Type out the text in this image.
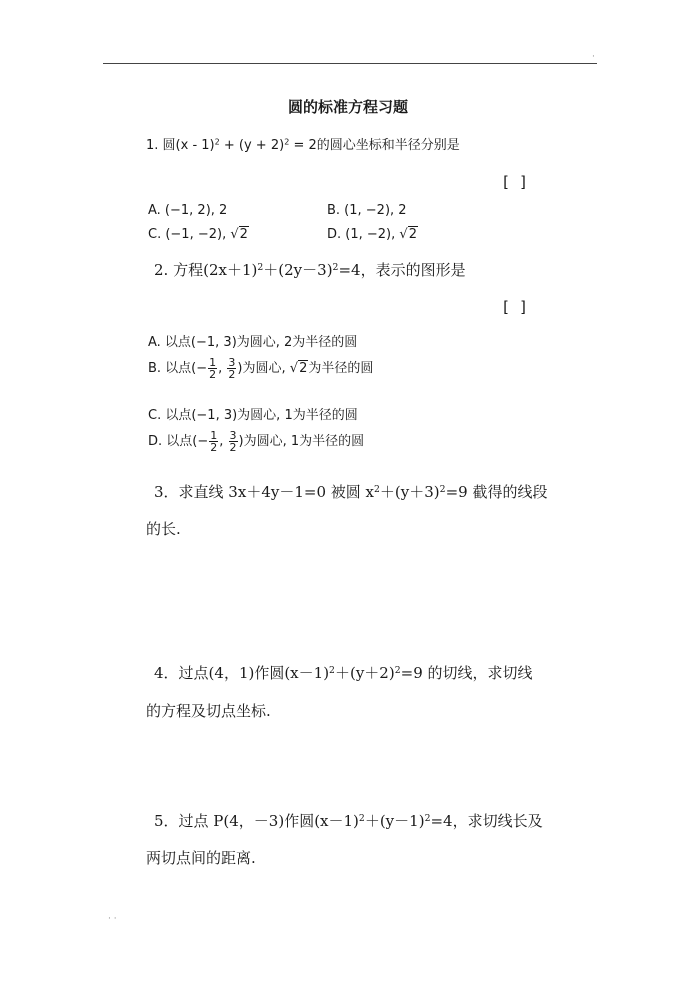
·
圆的标准方程习题
1. 圆$(x - 1)^2 + (y + 2)^2 = 2$的圆心坐标和半径分别是
[ ]
A. (−1, 2), 2	B. (1, −2), 2
C. (−1, −2), √2	D. (1, −2), √2
2. 方程$(2x+1)^2+(2y-3)^2=4$，表示的图形是
[ ]
A. 以点(−1, 3)为圆心, 2为半径的圆
B. 以点(− $\frac{1}{2}$ , $\frac{3}{2}$ )为圆心, √2为半径的圆
C. 以点(−1, 3)为圆心, 1为半径的圆
D. 以点(− $\frac{1}{2}$ , $\frac{3}{2}$ )为圆心, 1为半径的圆
3．求直线 3x＋4y－1=0 被圆 $x^2+(y+3)^2=9$ 截得的线段
的长.
4．过点(4，1)作圆$(x-1)^2+(y+2)^2=9$ 的切线，求切线
的方程及切点坐标.
5．过点 P(4，－3)作圆$(x-1)^2+(y-1)^2=4$，求切线长及
两切点间的距离.
· ·
